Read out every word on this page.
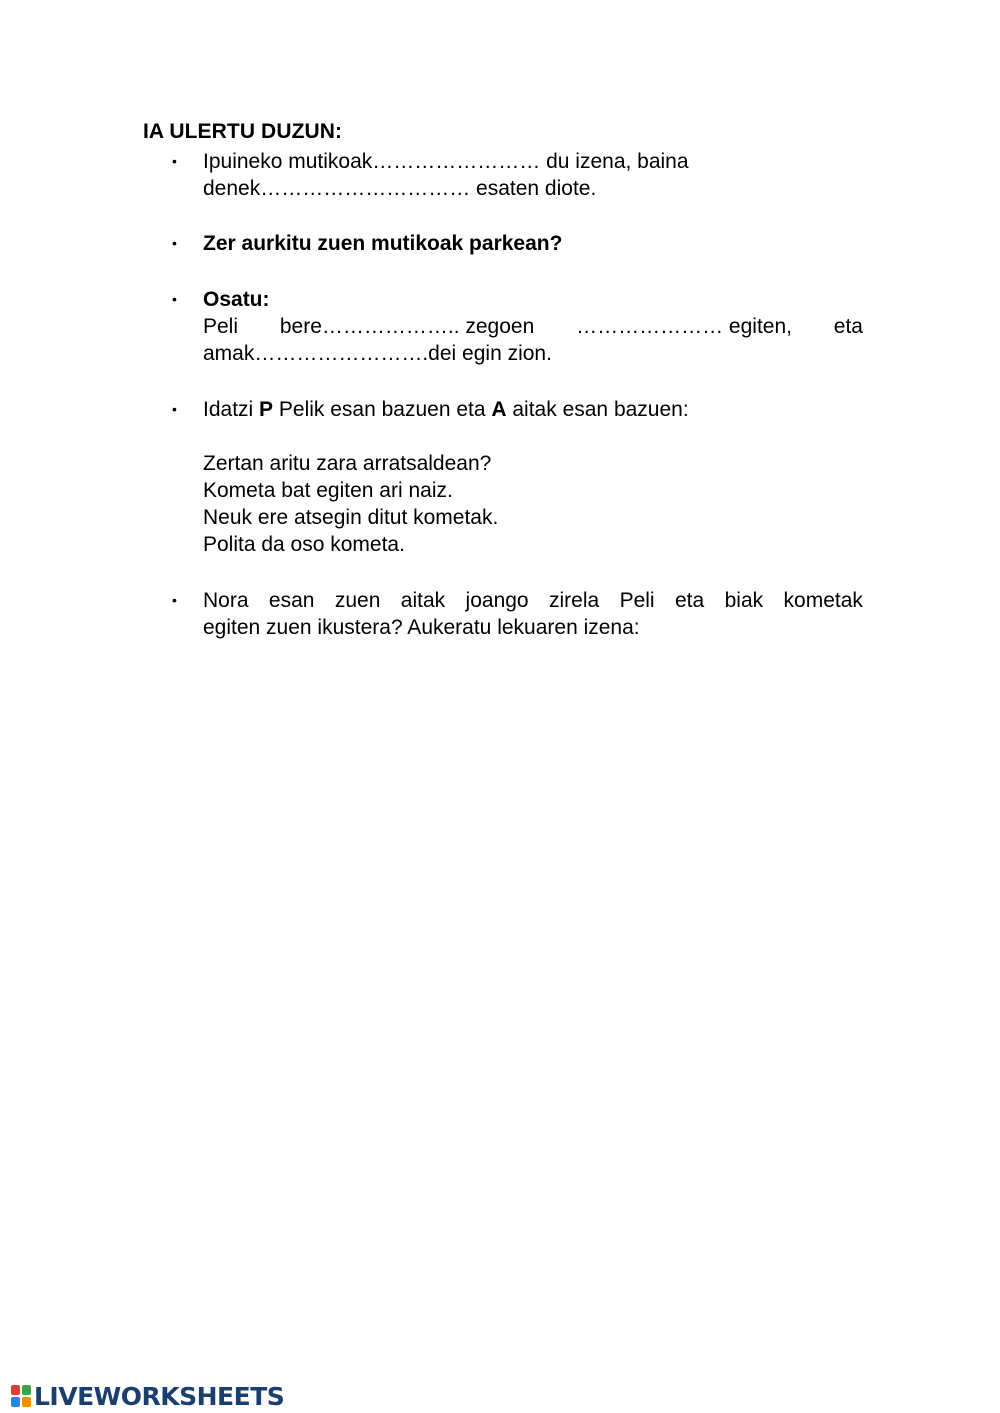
IA ULERTU DUZUN:
• Ipuineko mutikoak…………………… du izena, baina
denek………………………… esaten diote.
• Zer aurkitu zuen mutikoak parkean?
• Osatu:
Peli bere……………….. zegoen ………………… egiten, eta
amak…………………….dei egin zion.
• Idatzi P Pelik esan bazuen eta A aitak esan bazuen:
Zertan aritu zara arratsaldean?
Kometa bat egiten ari naiz.
Neuk ere atsegin ditut kometak.
Polita da oso kometa.
• Nora esan zuen aitak joango zirela Peli eta biak kometak
egiten zuen ikustera? Aukeratu lekuaren izena:
LIVEWORKSHEETS
